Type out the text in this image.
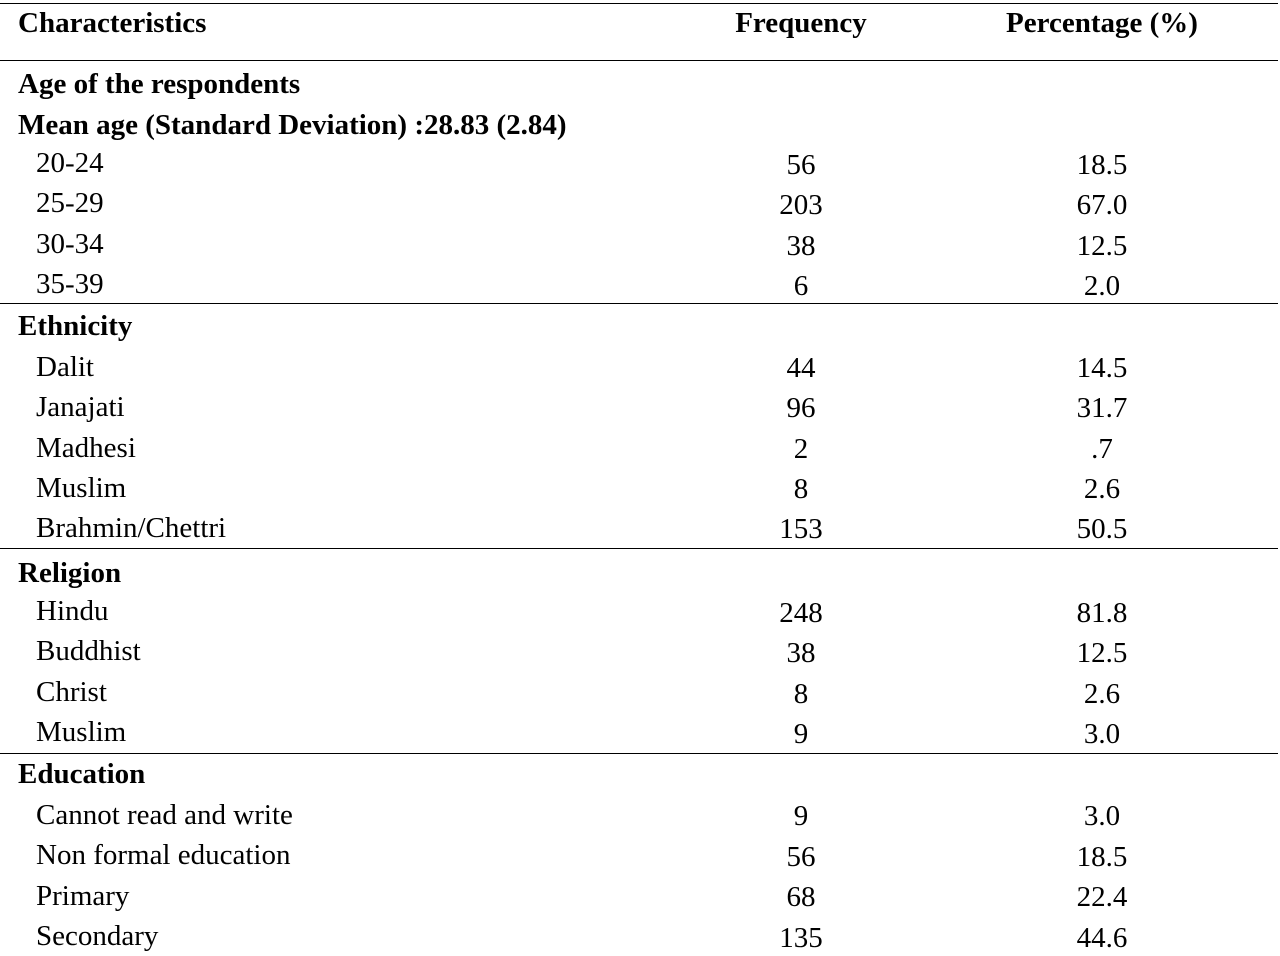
Characteristics	Frequency	Percentage (%)
Age of the respondents
Mean age (Standard Deviation) :28.83 (2.84)
20-24	56	18.5
25-29	203	67.0
30-34	38	12.5
35-39	6	2.0
Ethnicity
Dalit	44	14.5
Janajati	96	31.7
Madhesi	2	.7
Muslim	8	2.6
Brahmin/Chettri	153	50.5
Religion
Hindu	248	81.8
Buddhist	38	12.5
Christ	8	2.6
Muslim	9	3.0
Education
Cannot read and write	9	3.0
Non formal education	56	18.5
Primary	68	22.4
Secondary	135	44.6
